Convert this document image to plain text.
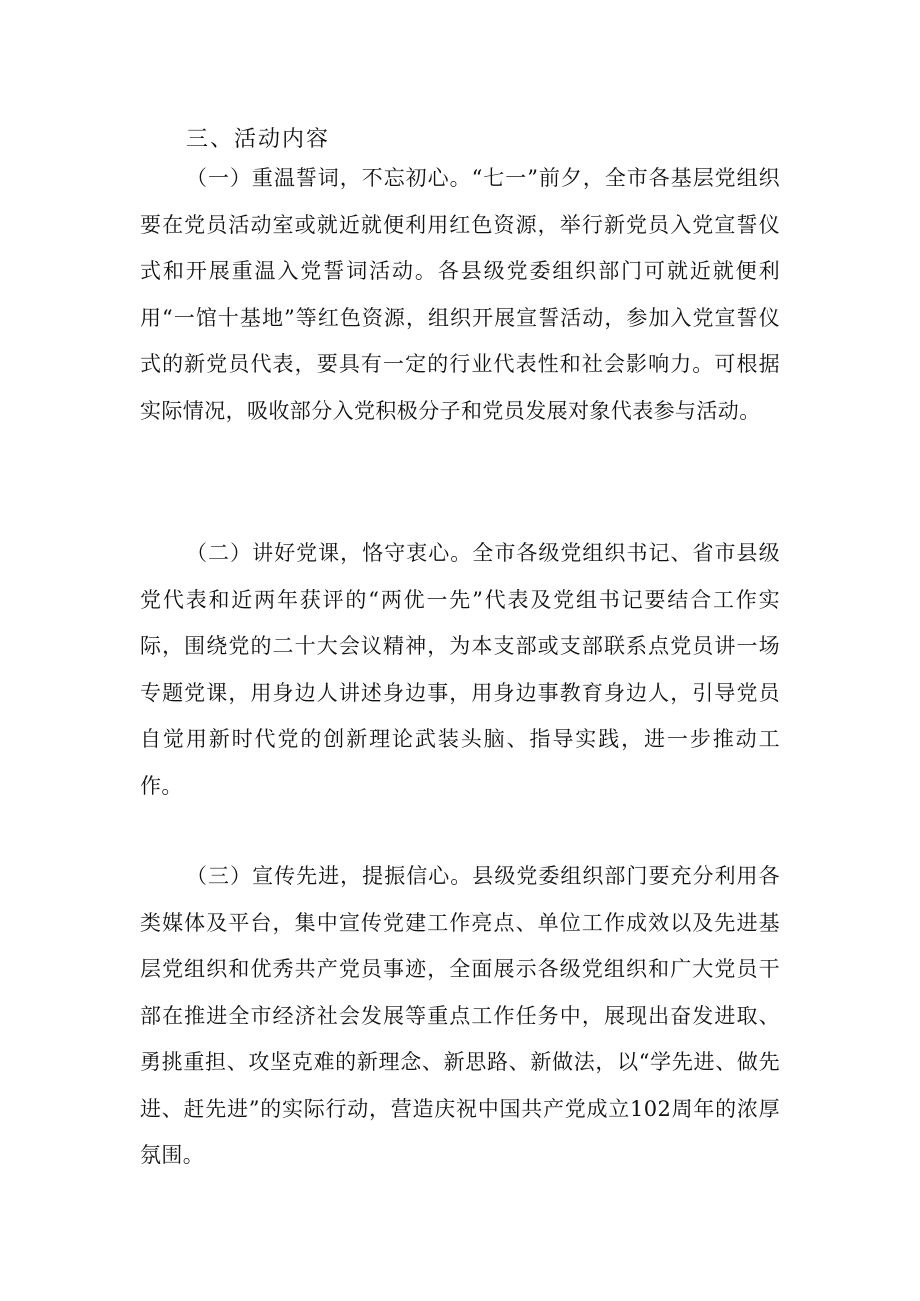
三、活动内容

（一）重温誓词，不忘初心。“七一”前夕，全市各基层党组织要在党员活动室或就近就便利用红色资源，举行新党员入党宣誓仪式和开展重温入党誓词活动。各县级党委组织部门可就近就便利用“一馆十基地”等红色资源，组织开展宣誓活动，参加入党宣誓仪式的新党员代表，要具有一定的行业代表性和社会影响力。可根据实际情况，吸收部分入党积极分子和党员发展对象代表参与活动。

（二）讲好党课，恪守衷心。全市各级党组织书记、省市县级党代表和近两年获评的“两优一先”代表及党组书记要结合工作实际，围绕党的二十大会议精神，为本支部或支部联系点党员讲一场专题党课，用身边人讲述身边事，用身边事教育身边人，引导党员自觉用新时代党的创新理论武装头脑、指导实践，进一步推动工作。

（三）宣传先进，提振信心。县级党委组织部门要充分利用各类媒体及平台，集中宣传党建工作亮点、单位工作成效以及先进基层党组织和优秀共产党员事迹，全面展示各级党组织和广大党员干部在推进全市经济社会发展等重点工作任务中，展现出奋发进取、勇挑重担、攻坚克难的新理念、新思路、新做法，以“学先进、做先进、赶先进”的实际行动，营造庆祝中国共产党成立102周年的浓厚氛围。
